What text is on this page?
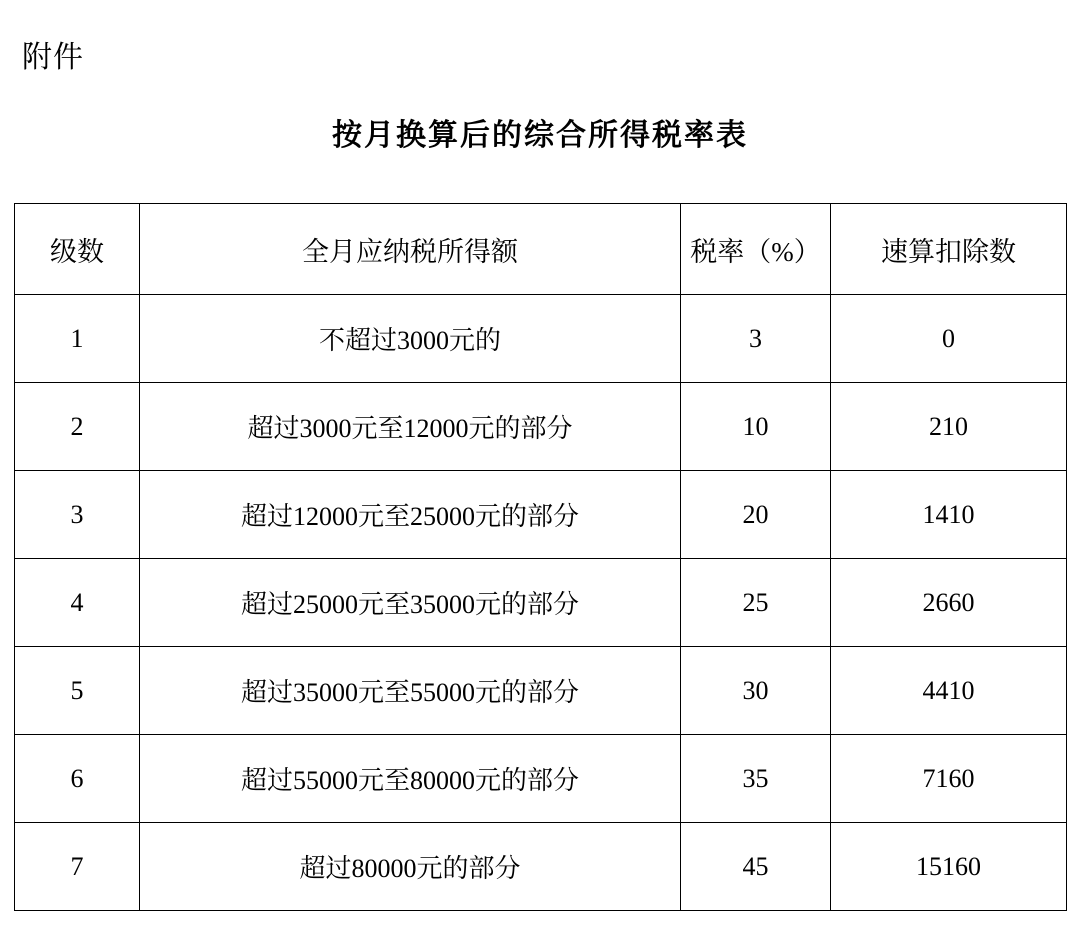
附件
按月换算后的综合所得税率表
级数	全月应纳税所得额	税率（%）	速算扣除数
1	不超过3000元的	3	0
2	超过3000元至12000元的部分	10	210
3	超过12000元至25000元的部分	20	1410
4	超过25000元至35000元的部分	25	2660
5	超过35000元至55000元的部分	30	4410
6	超过55000元至80000元的部分	35	7160
7	超过80000元的部分	45	15160
